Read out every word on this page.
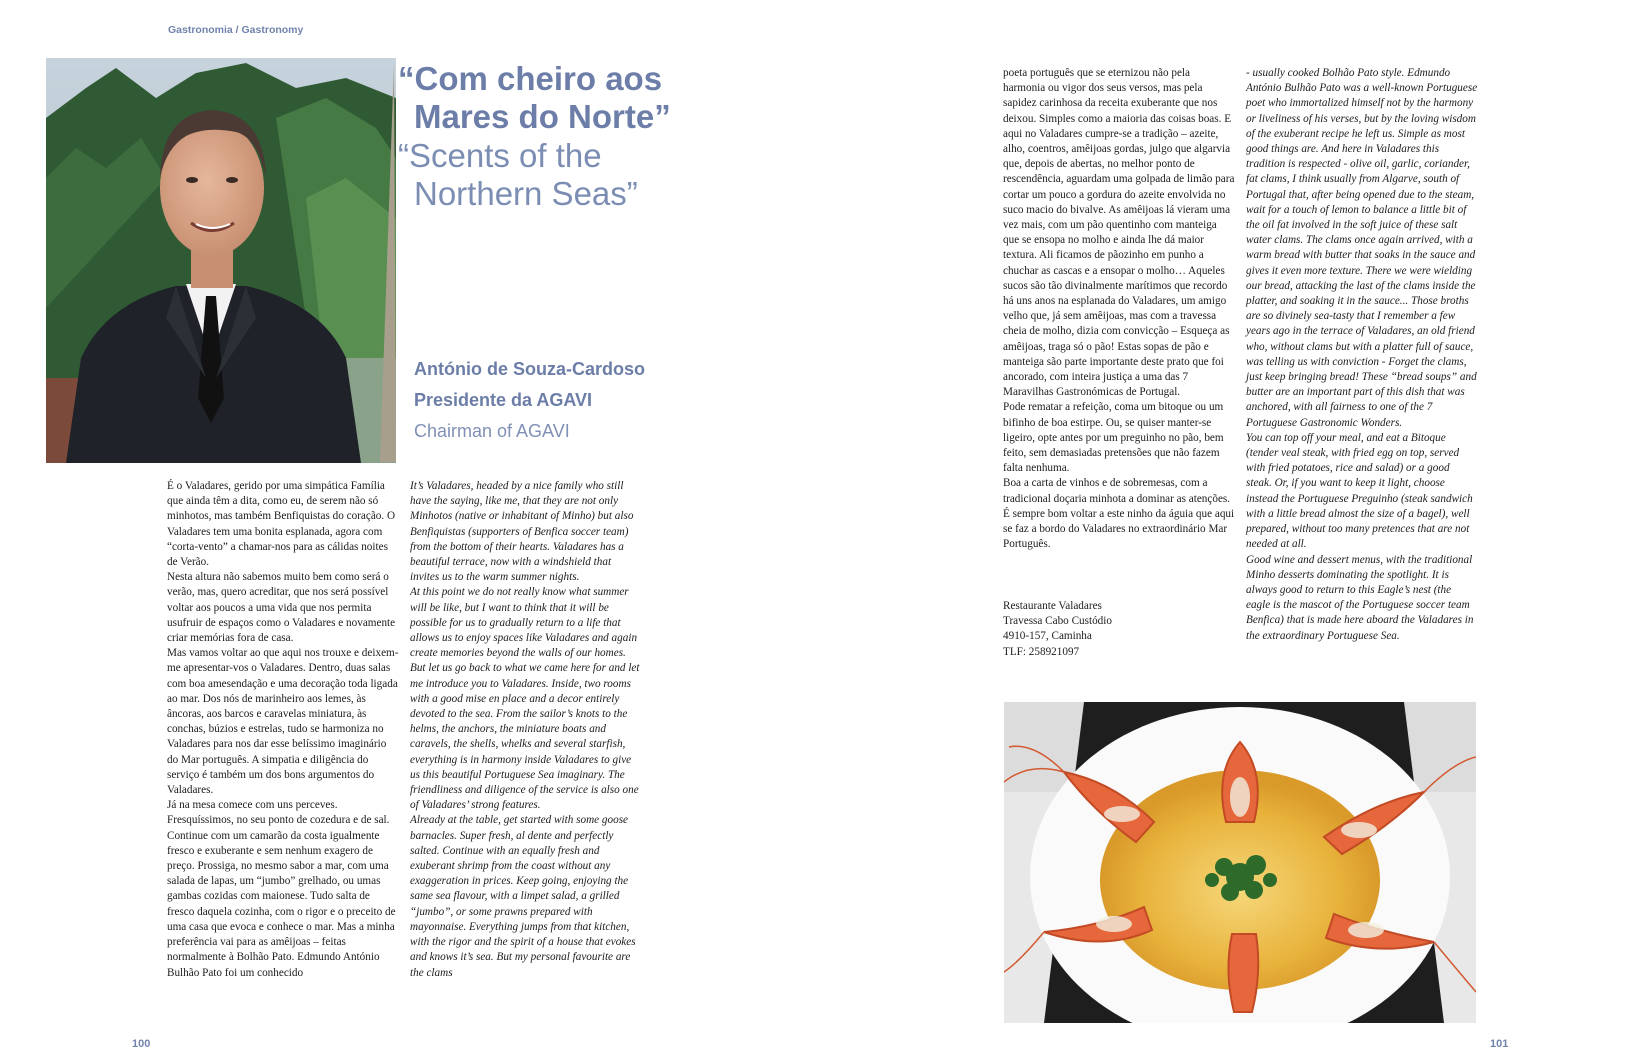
Gastronomia / Gastronomy
“Com cheiro aos
Mares do Norte”
“Scents of the
Northern Seas”
António de Souza-Cardoso
Presidente da AGAVI
Chairman of AGAVI

É o Valadares, gerido por uma simpática Família que ainda têm a dita, como eu, de serem não só minhotos, mas também Benfiquistas do coração. O Valadares tem uma bonita esplanada, agora com “corta-vento” a chamar-nos para as cálidas noites de Verão.

Nesta altura não sabemos muito bem como será o verão, mas, quero acreditar, que nos será possível voltar aos poucos a uma vida que nos permita usufruir de espaços como o Valadares e novamente criar memórias fora de casa.

Mas vamos voltar ao que aqui nos trouxe e deixem-me apresentar-vos o Valadares. Dentro, duas salas com boa amesendação e uma decoração toda ligada ao mar. Dos nós de marinheiro aos lemes, às âncoras, aos barcos e caravelas miniatura, às conchas, búzios e estrelas, tudo se harmoniza no Valadares para nos dar esse belíssimo imaginário do Mar português. A simpatia e diligência do serviço é também um dos bons argumentos do Valadares.

Já na mesa comece com uns perceves. Fresquíssimos, no seu ponto de cozedura e de sal. Continue com um camarão da costa igualmente fresco e exuberante e sem nenhum exagero de preço. Prossiga, no mesmo sabor a mar, com uma salada de lapas, um “jumbo” grelhado, ou umas gambas cozidas com maionese. Tudo salta de fresco daquela cozinha, com o rigor e o preceito de uma casa que evoca e conhece o mar. Mas a minha preferência vai para as amêijoas – feitas normalmente à Bolhão Pato. Edmundo António Bulhão Pato foi um conhecido

It’s Valadares, headed by a nice family who still have the saying, like me, that they are not only Minhotos (native or inhabitant of Minho) but also Benfiquistas (supporters of Benfica soccer team) from the bottom of their hearts. Valadares has a beautiful terrace, now with a windshield that invites us to the warm summer nights.

At this point we do not really know what summer will be like, but I want to think that it will be possible for us to gradually return to a life that allows us to enjoy spaces like Valadares and again create memories beyond the walls of our homes.

But let us go back to what we came here for and let me introduce you to Valadares. Inside, two rooms with a good mise en place and a decor entirely devoted to the sea. From the sailor’s knots to the helms, the anchors, the miniature boats and caravels, the shells, whelks and several starfish, everything is in harmony inside Valadares to give us this beautiful Portuguese Sea imaginary. The friendliness and diligence of the service is also one of Valadares’ strong features.

Already at the table, get started with some goose barnacles. Super fresh, al dente and perfectly salted. Continue with an equally fresh and exuberant shrimp from the coast without any exaggeration in prices. Keep going, enjoying the same sea flavour, with a limpet salad, a grilled “jumbo”, or some prawns prepared with mayonnaise. Everything jumps from that kitchen, with the rigor and the spirit of a house that evokes and knows it’s sea. But my personal favourite are the clams

100

poeta português que se eternizou não pela harmonia ou vigor dos seus versos, mas pela sapidez carinhosa da receita exuberante que nos deixou. Simples como a maioria das coisas boas. E aqui no Valadares cumpre-se a tradição – azeite, alho, coentros, amêijoas gordas, julgo que algarvia que, depois de abertas, no melhor ponto de rescendência, aguardam uma golpada de limão para cortar um pouco a gordura do azeite envolvida no suco macio do bivalve. As amêijoas lá vieram uma vez mais, com um pão quentinho com manteiga que se ensopa no molho e ainda lhe dá maior textura. Ali ficamos de pãozinho em punho a chuchar as cascas e a ensopar o molho… Aqueles sucos são tão divinalmente marítimos que recordo há uns anos na esplanada do Valadares, um amigo velho que, já sem amêijoas, mas com a travessa cheia de molho, dizia com convicção – Esqueça as amêijoas, traga só o pão! Estas sopas de pão e manteiga são parte importante deste prato que foi ancorado, com inteira justiça a uma das 7 Maravilhas Gastronómicas de Portugal.

Pode rematar a refeição, coma um bitoque ou um bifinho de boa estirpe. Ou, se quiser manter-se ligeiro, opte antes por um preguinho no pão, bem feito, sem demasiadas pretensões que não fazem falta nenhuma.

Boa a carta de vinhos e de sobremesas, com a tradicional doçaria minhota a dominar as atenções. É sempre bom voltar a este ninho da águia que aqui se faz a bordo do Valadares no extraordinário Mar Português.

Restaurante Valadares
Travessa Cabo Custódio
4910-157, Caminha
TLF: 258921097

- usually cooked Bolhão Pato style. Edmundo António Bulhão Pato was a well-known Portuguese poet who immortalized himself not by the harmony or liveliness of his verses, but by the loving wisdom of the exuberant recipe he left us. Simple as most good things are. And here in Valadares this tradition is respected - olive oil, garlic, coriander, fat clams, I think usually from Algarve, south of Portugal that, after being opened due to the steam, wait for a touch of lemon to balance a little bit of the oil fat involved in the soft juice of these salt water clams. The clams once again arrived, with a warm bread with butter that soaks in the sauce and gives it even more texture. There we were wielding our bread, attacking the last of the clams inside the platter, and soaking it in the sauce... Those broths are so divinely sea-tasty that I remember a few years ago in the terrace of Valadares, an old friend who, without clams but with a platter full of sauce, was telling us with conviction - Forget the clams, just keep bringing bread! These “bread soups” and butter are an important part of this dish that was anchored, with all fairness to one of the 7 Portuguese Gastronomic Wonders.

You can top off your meal, and eat a Bitoque (tender veal steak, with fried egg on top, served with fried potatoes, rice and salad) or a good steak. Or, if you want to keep it light, choose instead the Portuguese Preguinho (steak sandwich with a little bread almost the size of a bagel), well prepared, without too many pretences that are not needed at all.

Good wine and dessert menus, with the traditional Minho desserts dominating the spotlight. It is always good to return to this Eagle’s nest (the eagle is the mascot of the Portuguese soccer team Benfica) that is made here aboard the Valadares in the extraordinary Portuguese Sea.

101
